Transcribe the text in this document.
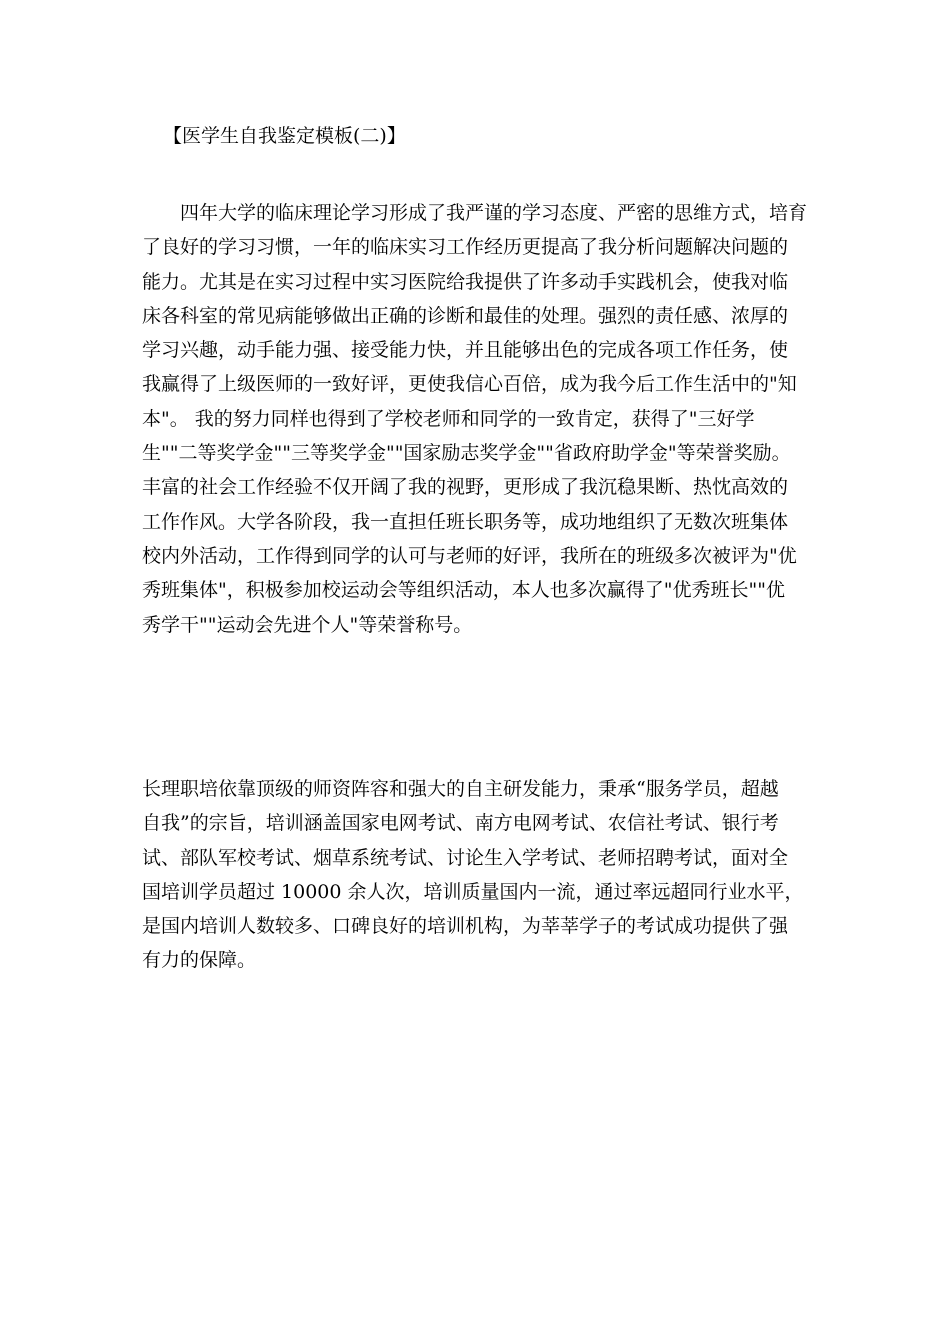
【医学生自我鉴定模板(二)】

　　四年大学的临床理论学习形成了我严谨的学习态度、严密的思维方式，培育
了良好的学习习惯，一年的临床实习工作经历更提高了我分析问题解决问题的
能力。尤其是在实习过程中实习医院给我提供了许多动手实践机会，使我对临
床各科室的常见病能够做出正确的诊断和最佳的处理。强烈的责任感、浓厚的
学习兴趣，动手能力强、接受能力快，并且能够出色的完成各项工作任务，使
我赢得了上级医师的一致好评，更使我信心百倍，成为我今后工作生活中的"知
本"。 我的努力同样也得到了学校老师和同学的一致肯定，获得了"三好学
生""二等奖学金""三等奖学金""国家励志奖学金""省政府助学金"等荣誉奖励。
丰富的社会工作经验不仅开阔了我的视野，更形成了我沉稳果断、热忱高效的
工作作风。大学各阶段，我一直担任班长职务等，成功地组织了无数次班集体
校内外活动，工作得到同学的认可与老师的好评，我所在的班级多次被评为"优
秀班集体"，积极参加校运动会等组织活动，本人也多次赢得了"优秀班长""优
秀学干""运动会先进个人"等荣誉称号。

长理职培依靠顶级的师资阵容和强大的自主研发能力，秉承“服务学员，超越
自我”的宗旨，培训涵盖国家电网考试、南方电网考试、农信社考试、银行考
试、部队军校考试、烟草系统考试、讨论生入学考试、老师招聘考试，面对全
国培训学员超过 10000 余人次，培训质量国内一流，通过率远超同行业水平，
是国内培训人数较多、口碑良好的培训机构，为莘莘学子的考试成功提供了强
有力的保障。
